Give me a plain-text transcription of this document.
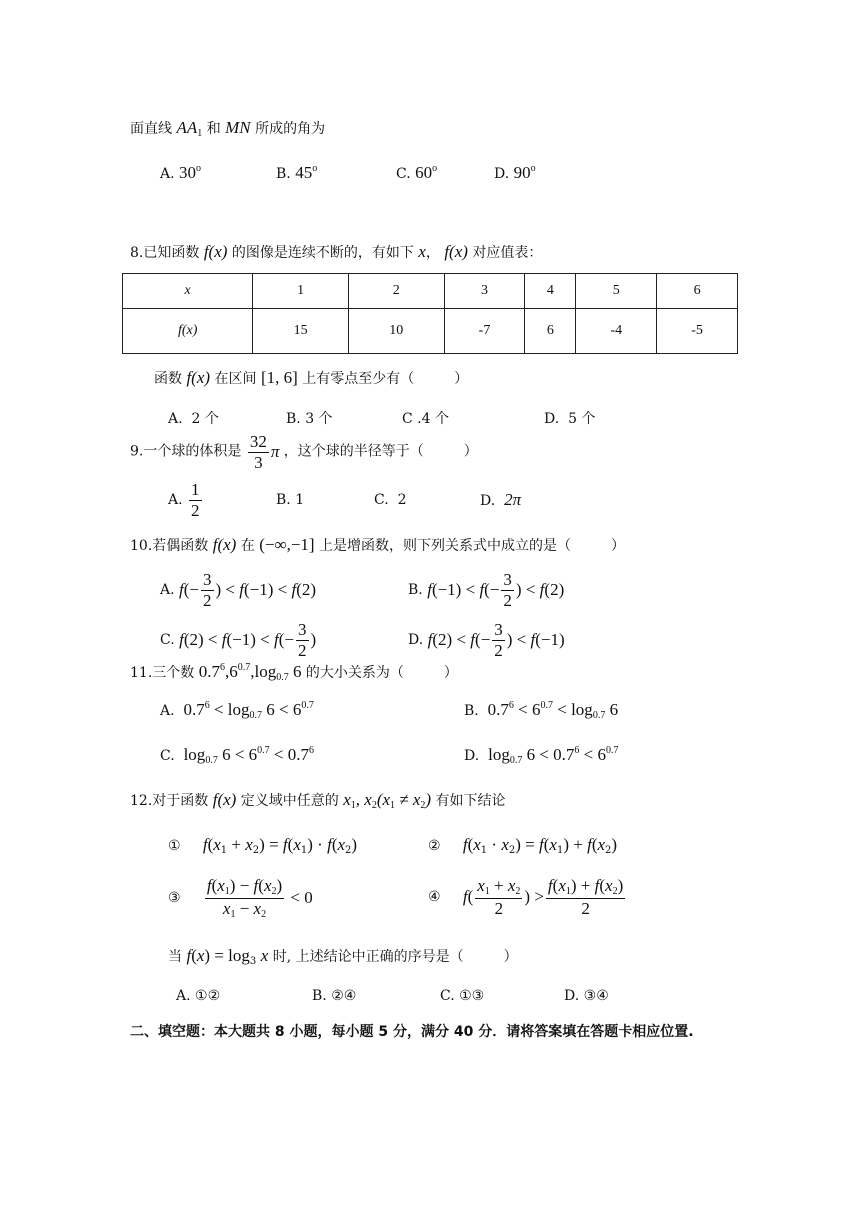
面直线 $AA_1$ 和 MN 所成的角为
A. 30$^o$	B. 45$^o$	C. 60$^o$	D. 90$^o$
8.已知函数 f(x) 的图像是连续不断的，有如下 x， f(x) 对应值表：
x	1	2	3	4	5	6
f(x)	15	10	-7	6	-4	-5
函数 f(x) 在区间 [1, 6] 上有零点至少有（	）
A. 2 个	B. 3 个	C .4 个	D. 5 个
9.一个球的体积是 $\frac{32}{3}$ π ，这个球的半径等于（	）
A. $\frac{1}{2}$	B. 1	C. 2	D. 2π
10.若偶函数 f(x) 在 (−∞,−1] 上是增函数，则下列关系式中成立的是（	）
A. $f(- \frac{3}{2}$ ) < f(−1) < f(2)	B. $f(-1) < f(- \frac{3}{2}$ ) < f(2)
C. $f(2) < f(-1) < f(- \frac{3}{2}$ )	D. $f(2) < f(- \frac{3}{2}$ ) < f(−1)
11.三个数 $0.7^6,6^{0.7},\log_{0.7}$ 6 的大小关系为（	）
A. $0.7^6 < \log_{0.7} 6 < 6^{0.7}$	B. $0.7^6 < 6^{0.7} < \log_{0.7} 6$
C. $\log_{0.7} 6 < 6^{0.7} < 0.7^6$	D. $\log_{0.7} 6 < 0.7^6 < 6^{0.7}$
12.对于函数 f(x) 定义域中任意的 $x_1$, $x_2(x_1 \ne x_2)$ 有如下结论
① $f(x_1 + x_2) = f(x_1) \cdot f(x_2)$	② $f(x_1 \cdot x_2) = f(x_1) + f(x_2)$
③ $\frac{f(x_1) - f(x_2)}{x_1 - x_2} < 0$	④ $f( \frac{x_1 + x_2}{2}$ ) > $\frac{f(x_1) + f(x_2)}{2}$
当 $f(x) = \log_3 x$ 时, 上述结论中正确的序号是（	）
A. ①②	B. ②④	C. ①③	D. ③④
二、填空题：本大题共 8 小题，每小题 5 分，满分 40 分．请将答案填在答题卡相应位置.
